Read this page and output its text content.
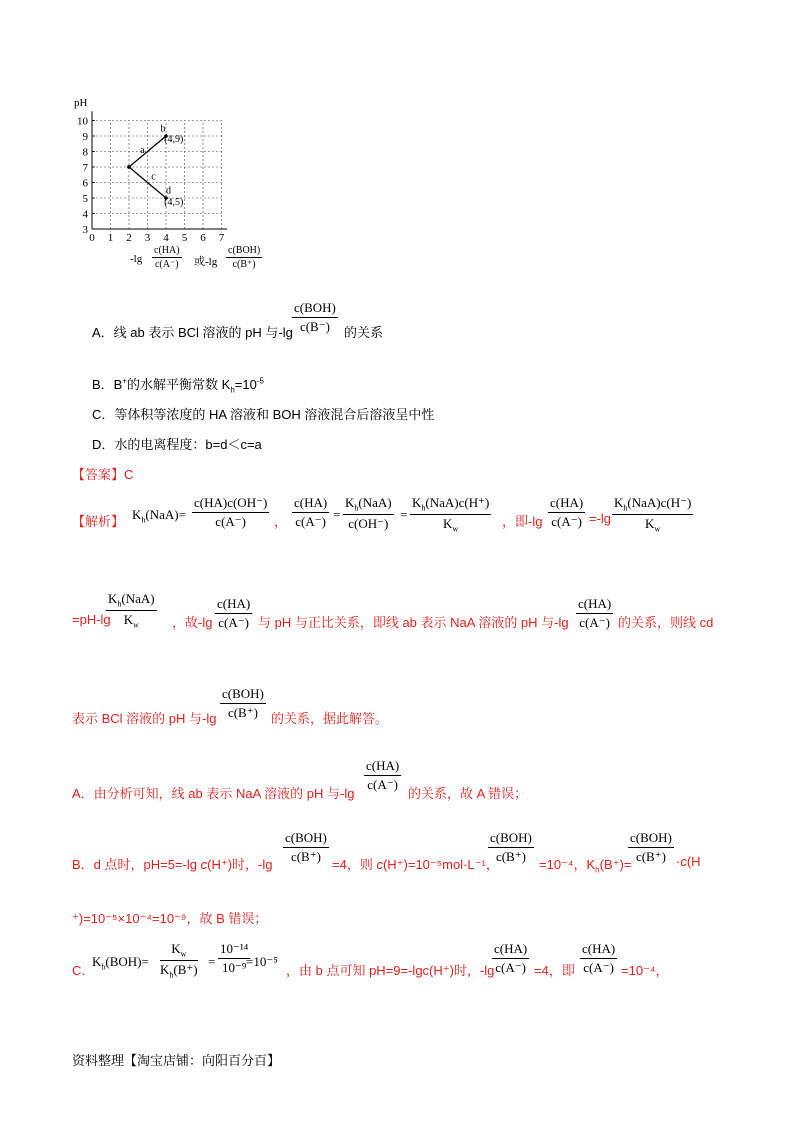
pH
3
4
5
6
7
8
9
10
0 1 2 3 4 5 6 7
b
a
(4,9)
c
d
(4,5)
$-\lg \frac{c(HA)}{c(A^-)}$ 或-lg
c(BOH)
c(B⁺)
A．线 ab 表示 BCl 溶液的 pH 与-lg
c(BOH)
c(B⁻)	的关系
B．B+的水解平衡常数 $K_h=10^{-5}$
C．等体积等浓度的 HA 溶液和 BOH 溶液混合后溶液呈中性
D．水的电离程度：b=d＜c=a
【答案】C
【解析】 $K_h(NaA)= \frac{c(HA)c(OH^-)}{c(A^-)}$ ， $\frac{c(HA)}{c(A^-)}$ =
$K_h(NaA)$
c(OH⁻)
=
$K_h(NaA)c(H^+)$
$K_w$	，即$-\lg \frac{c(HA)}{c(A^-)} =-\lg$
$K_h(NaA)c(H^-)$
$K_w$
$K_h(NaA)$
$K_w$
=pH-lg	，故$-\lg \frac{c(HA)}{c(A^-)}$ 与 pH 与正比关系，即线 ab 表示 NaA 溶液的 pH 与$-\lg \frac{c(HA)}{c(A^-)}$ 的关系，则线 cd
表示 BCl 溶液的 pH 与-lg
c(BOH)
c(B⁺)	的关系，据此解答。
A．由分析可知，线 ab 表示 NaA 溶液的 pH 与-lg
$\frac{c(HA)}{c(A^-)}$
的关系，故 A 错误；
B．d 点时，pH=5=-lg c(H⁺)时，-lg
c(BOH)
c(B⁺)
=4，则 c(H⁺)=10⁻⁵mol·L⁻¹，
c(BOH)
c(B⁺)
=10⁻⁴，$K_h(B^+)=$
c(BOH)
c(B⁺) ·c(H
⁺)=10⁻⁵×10⁻⁴=10⁻⁹，故 B 错误；
C．
$K_b(BOH)= \frac{K_w}{K_h(B^+)} = \frac{\text{10⁻¹⁴}}{\text{10⁻⁹}}$
=10⁻⁵
，由 b 点可知 pH=9=-lgc(H⁺)时，-lg
$\frac{c(HA)}{c(A^-)} =4$，即 $\frac{c(HA)}{c(A^-)} =10^{-4}$，
资料整理【淘宝店铺：向阳百分百】
